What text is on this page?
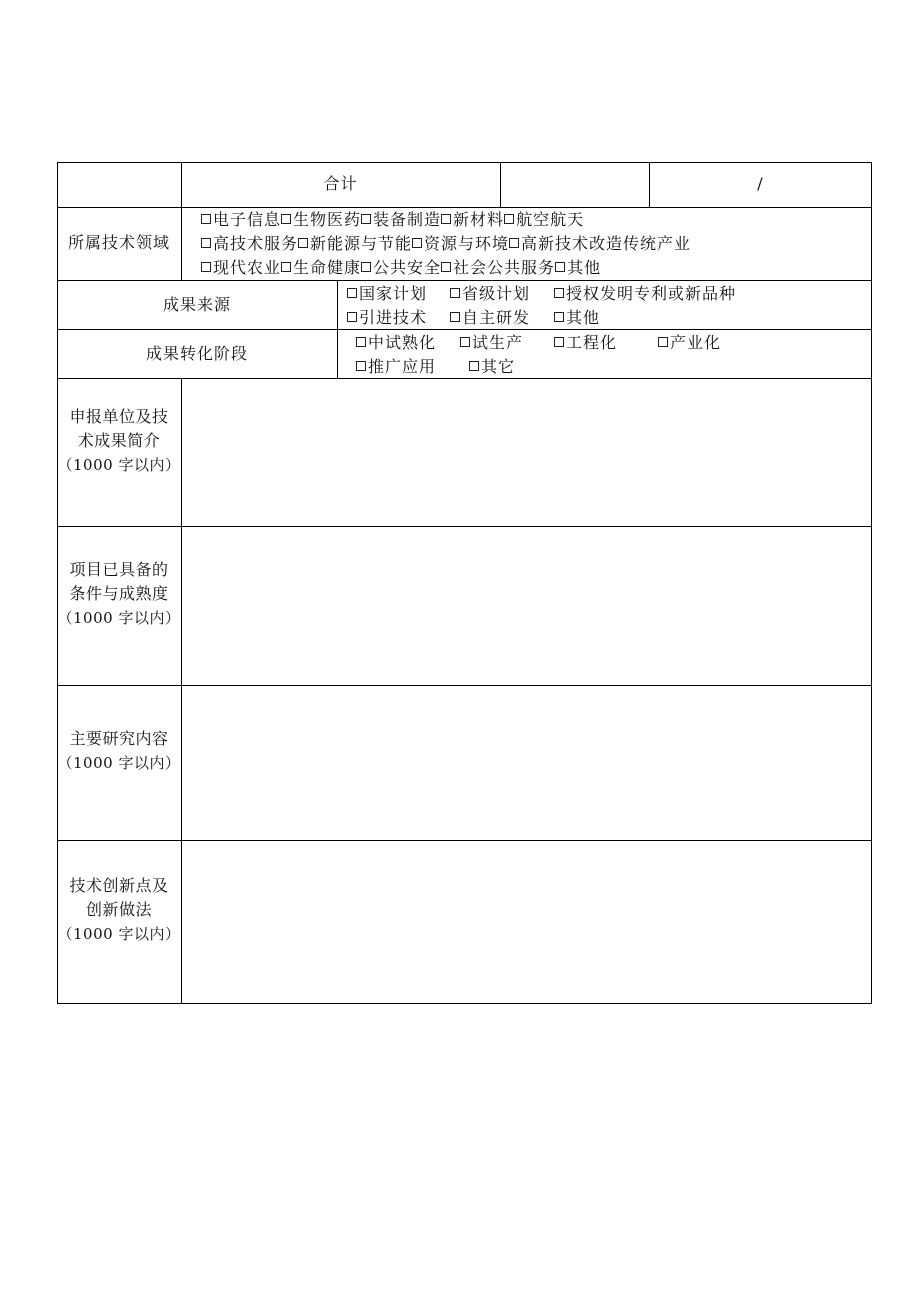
合计	/
所属技术领域
电子信息 生物医药 装备制造 新材料 航空航天
高技术服务 新能源与节能 资源与环境 高新技术改造传统产业
现代农业 生命健康 公共安全 社会公共服务 其他
成果来源
国家计划 省级计划 授权发明专利或新品种
引进技术 自主研发 其他
成果转化阶段
中试熟化 试生产	工程化	产业化
推广应用	其它
申报单位及技
术成果简介
（1000 字以内）
项目已具备的
条件与成熟度
（1000 字以内）
主要研究内容
（1000 字以内）
技术创新点及
创新做法
（1000 字以内）
